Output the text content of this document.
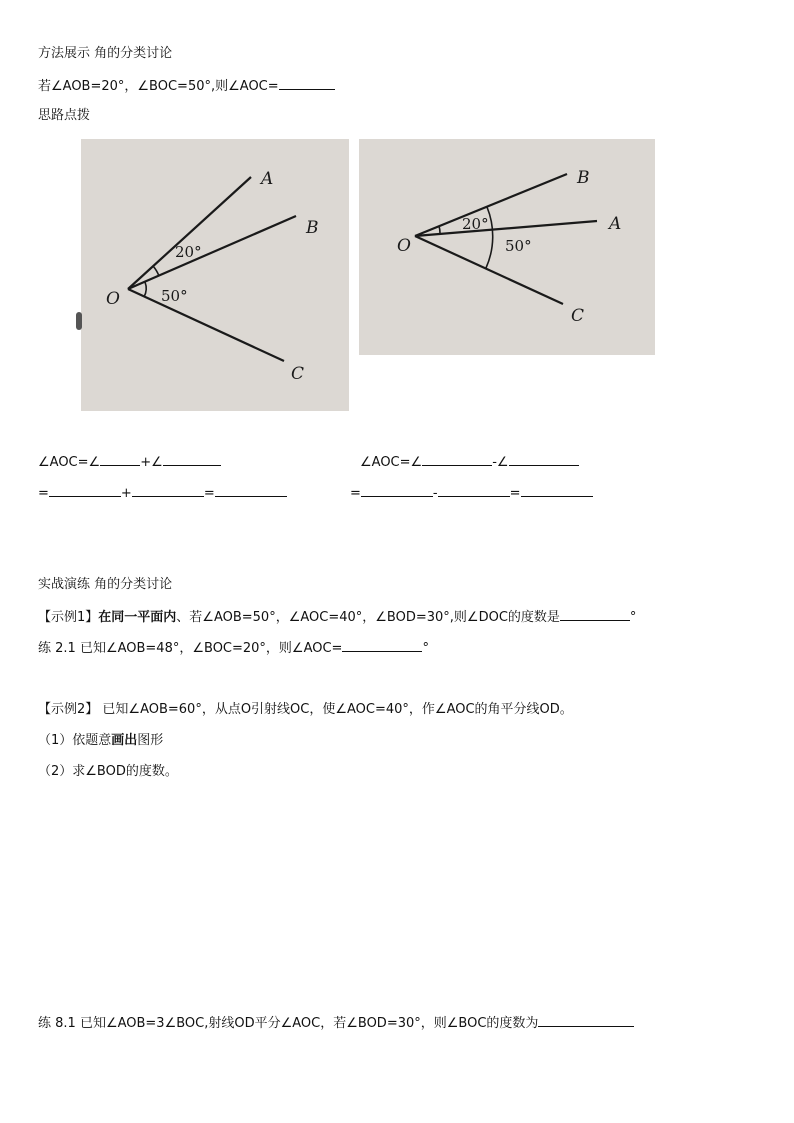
方法展示 角的分类讨论
若∠AOB=20°，∠BOC=50°,则∠AOC=
思路点拨
A
B
C
O
20°
50°
B
A
C
O
20°
50°
∠AOC=∠	+∠	∠AOC=∠	-∠
=	+	=	=	-	=
实战演练 角的分类讨论
【示例1】在同一平面内、若∠AOB=50°，∠AOC=40°，∠BOD=30°,则∠DOC的度数是	°
练 2.1 已知∠AOB=48°，∠BOC=20°，则∠AOC=	°
【示例2】 已知∠AOB=60°，从点O引射线OC，使∠AOC=40°，作∠AOC的角平分线OD。
（1）依题意画出图形
（2）求∠BOD的度数。
练 8.1 已知∠AOB=3∠BOC,射线OD平分∠AOC，若∠BOD=30°，则∠BOC的度数为
